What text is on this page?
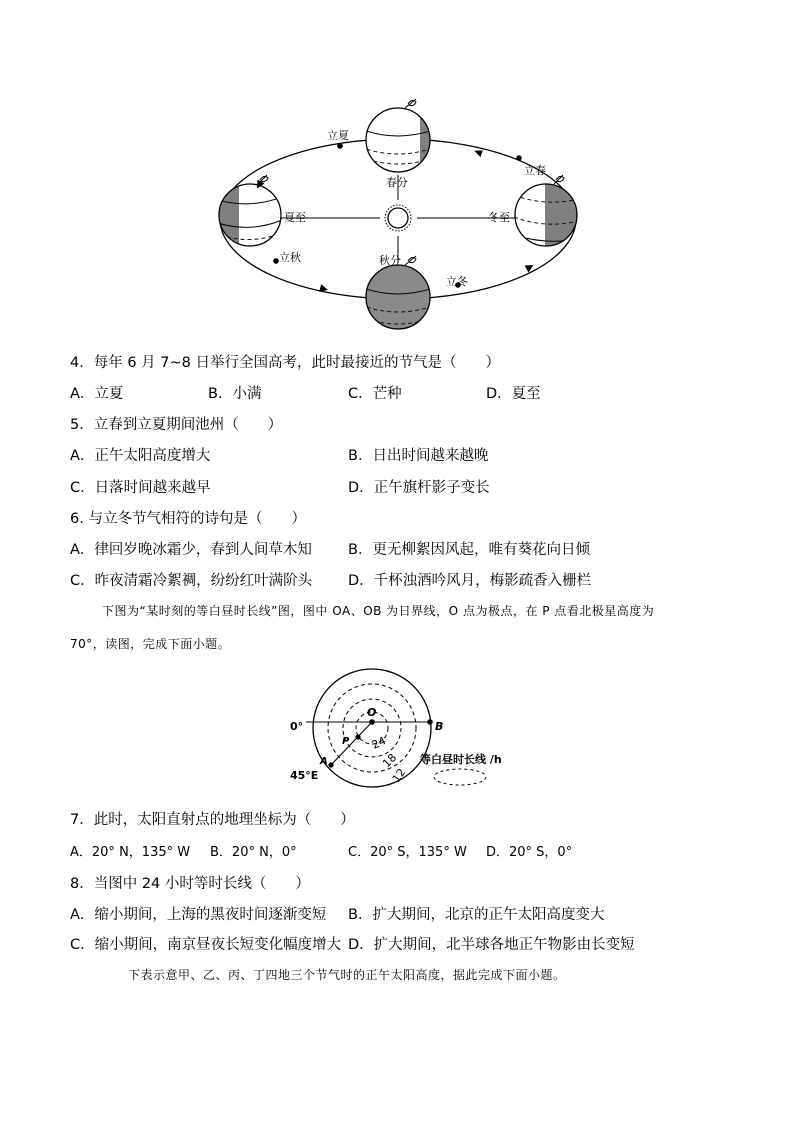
立夏
春分
立春
夏至	冬至
立秋	秋分
立冬
4．每年 6 月 7~8 日举行全国高考，此时最接近的节气是（　　）
A．立夏	B．小满	C．芒种	D．夏至
5．立春到立夏期间池州（　　）
A．正午太阳高度增大	B．日出时间越来越晚
C．日落时间越来越早	D．正午旗杆影子变长
6. 与立冬节气相符的诗句是（　　）
A．律回岁晚冰霜少，春到人间草木知 B．更无柳絮因风起，唯有葵花向日倾
C．昨夜清霜冷絮裯，纷纷红叶满阶头 D．千杯浊酒吟风月，梅影疏香入栅栏
下图为“某时刻的等白昼时长线”图，图中 OA、OB 为日界线，O 点为极点，在 P 点看北极星高度为
70°，读图，完成下面小题。
0°
O
B
P
A
45°E
24
18
12
等白昼时长线 /h
7．此时，太阳直射点的地理坐标为（　　）
A．20° N，135° W B．20° N，0°	C．20° S，135° W D．20° S，0°
8．当图中 24 小时等时长线（　　）
A．缩小期间，上海的黑夜时间逐渐变短 B．扩大期间，北京的正午太阳高度变大
C．缩小期间，南京昼夜长短变化幅度增大 D．扩大期间，北半球各地正午物影由长变短
下表示意甲、乙、丙、丁四地三个节气时的正午太阳高度，据此完成下面小题。
